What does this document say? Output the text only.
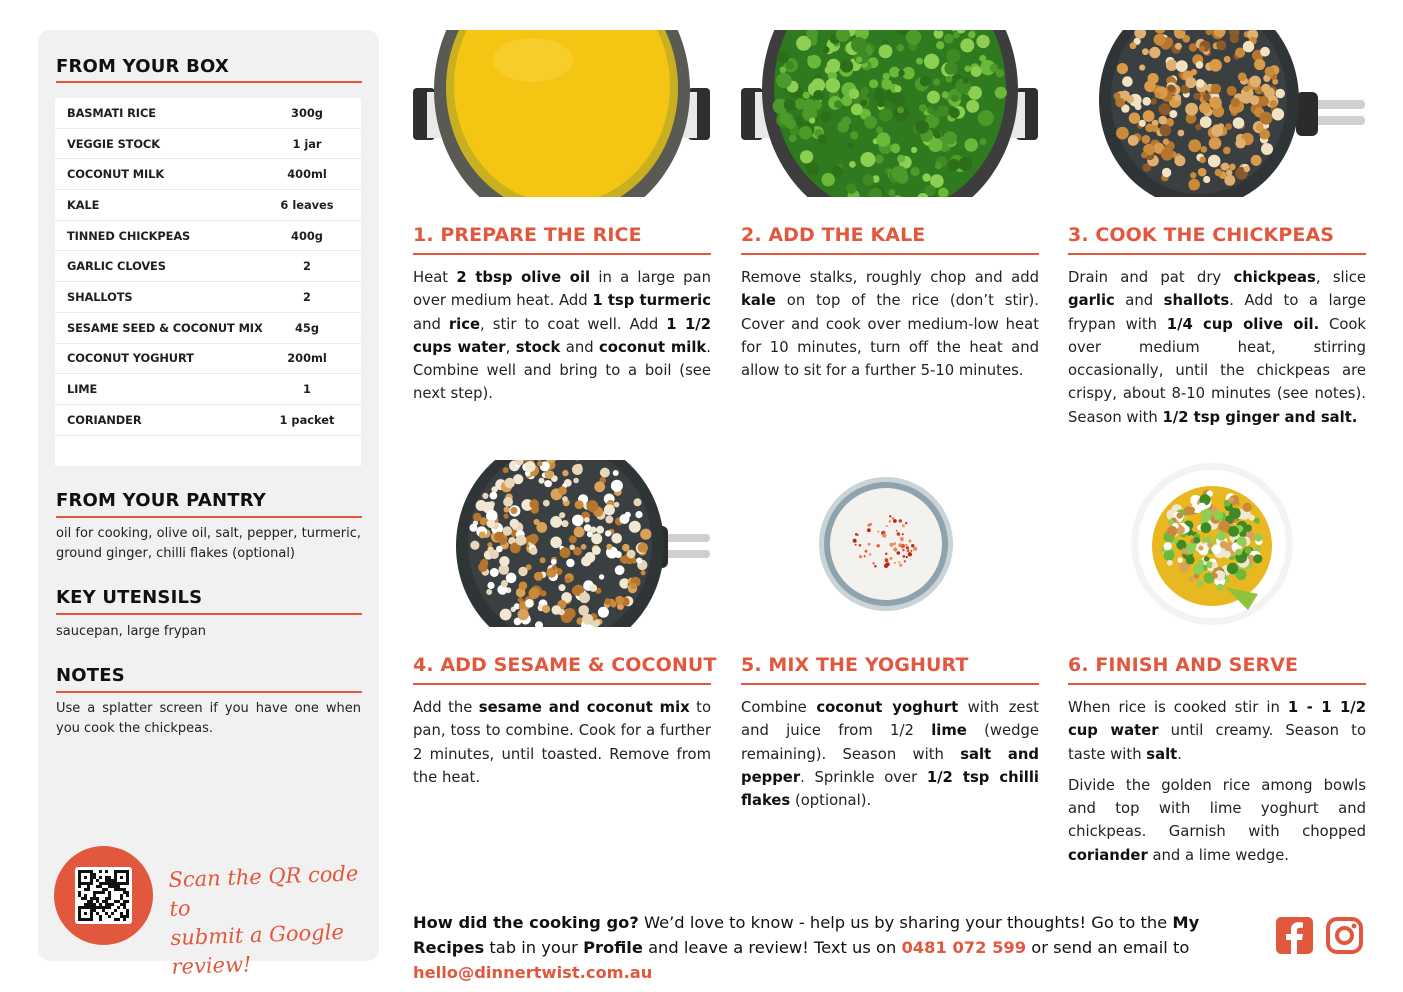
FROM YOUR BOX
BASMATI RICE	300g
VEGGIE STOCK	1 jar
COCONUT MILK	400ml
KALE	6 leaves
TINNED CHICKPEAS	400g
GARLIC CLOVES	2
SHALLOTS	2
SESAME SEED & COCONUT MIX	45g
COCONUT YOGHURT	200ml
LIME	1
CORIANDER	1 packet
FROM YOUR PANTRY
oil for cooking, olive oil, salt, pepper, turmeric, ground ginger, chilli flakes (optional)
KEY UTENSILS
saucepan, large frypan
NOTES
Use a splatter screen if you have one when you cook the chickpeas.
Scan the QR code to
submit a Google review!
1. PREPARE THE RICE
Heat 2 tbsp olive oil in a large pan over medium heat. Add 1 tsp turmeric and rice, stir to coat well. Add 1 1/2 cups water, stock and coconut milk. Combine well and bring to a boil (see next step).
2. ADD THE KALE
Remove stalks, roughly chop and add kale on top of the rice (don’t stir). Cover and cook over medium-low heat for 10 minutes, turn off the heat and allow to sit for a further 5-10 minutes.
3. COOK THE CHICKPEAS
Drain and pat dry chickpeas, slice garlic and shallots. Add to a large frypan with 1/4 cup olive oil. Cook over medium heat, stirring occasionally, until the chickpeas are crispy, about 8-10 minutes (see notes). Season with 1/2 tsp ginger and salt.
4. ADD SESAME & COCONUT
Add the sesame and coconut mix to pan, toss to combine. Cook for a further 2 minutes, until toasted. Remove from the heat.
5. MIX THE YOGHURT
Combine coconut yoghurt with zest and juice from 1/2 lime (wedge remaining). Season with salt and pepper. Sprinkle over 1/2 tsp chilli flakes (optional).
6. FINISH AND SERVE
When rice is cooked stir in 1 - 1 1/2 cup water until creamy. Season to taste with salt.
Divide the golden rice among bowls and top with lime yoghurt and chickpeas. Garnish with chopped coriander and a lime wedge.
How did the cooking go? We’d love to know - help us by sharing your thoughts! Go to the My Recipes tab in your Profile and leave a review! Text us on 0481 072 599 or send an email to hello@dinnertwist.com.au
